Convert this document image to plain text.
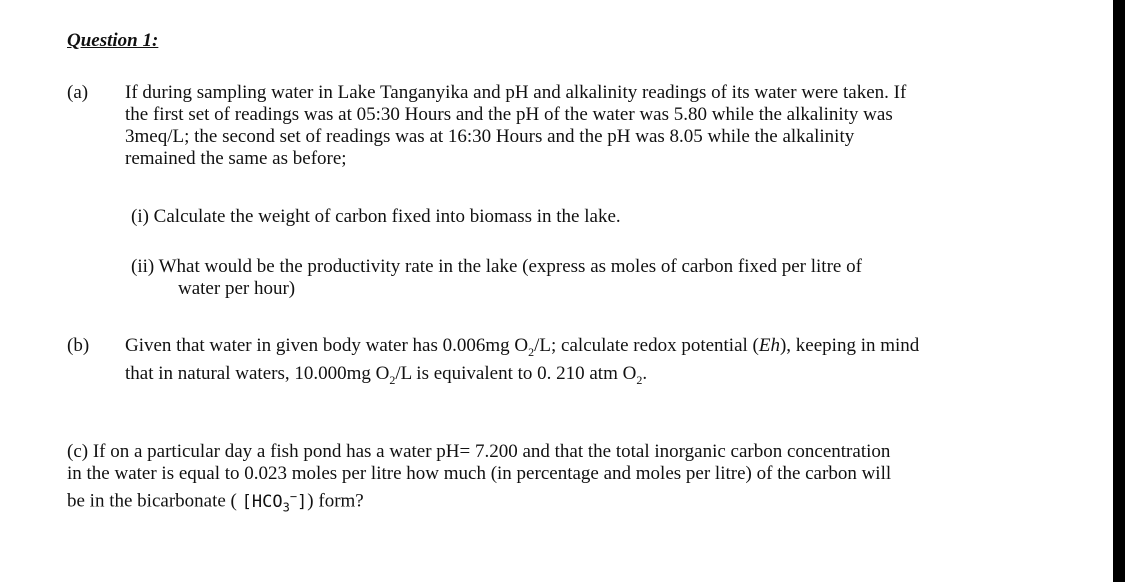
Question 1:
(a) If during sampling water in Lake Tanganyika and pH and alkalinity readings of its water were taken. If
the first set of readings was at 05:30 Hours and the pH of the water was 5.80 while the alkalinity was
3meq/L; the second set of readings was at 16:30 Hours and the pH was 8.05 while the alkalinity
remained the same as before;
(i) Calculate the weight of carbon fixed into biomass in the lake.
(ii) What would be the productivity rate in the lake (express as moles of carbon fixed per litre of
water per hour)
(b) Given that water in given body water has 0.006mg $O_2/L$; calculate redox potential (Eh), keeping in mind
that in natural waters, 10.000mg $O_2/L$ is equivalent to 0. 210 atm $O_2$.
(c) If on a particular day a fish pond has a water pH= 7.200 and that the total inorganic carbon concentration
in the water is equal to 0.023 moles per litre how much (in percentage and moles per litre) of the carbon will
be in the bicarbonate ( $[HCO_3^-]$) form?
